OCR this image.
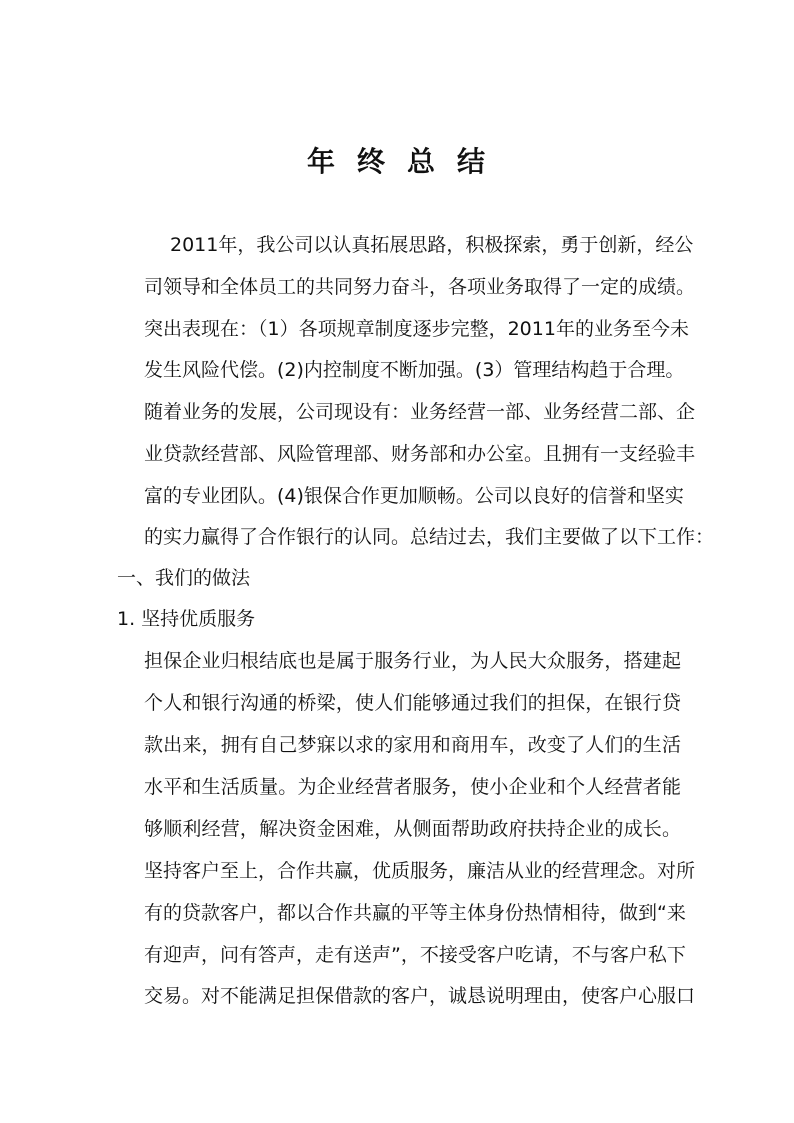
年 终 总 结
2011年，我公司以认真拓展思路，积极探索，勇于创新，经公
司领导和全体员工的共同努力奋斗，各项业务取得了一定的成绩。
突出表现在：（1）各项规章制度逐步完整，2011年的业务至今未
发生风险代偿。(2)内控制度不断加强。(3）管理结构趋于合理。
随着业务的发展，公司现设有：业务经营一部、业务经营二部、企
业贷款经营部、风险管理部、财务部和办公室。且拥有一支经验丰
富的专业团队。(4)银保合作更加顺畅。公司以良好的信誉和坚实
的实力赢得了合作银行的认同。总结过去，我们主要做了以下工作：
一、我们的做法
1. 坚持优质服务
担保企业归根结底也是属于服务行业，为人民大众服务，搭建起
个人和银行沟通的桥梁，使人们能够通过我们的担保，在银行贷
款出来，拥有自己梦寐以求的家用和商用车，改变了人们的生活
水平和生活质量。为企业经营者服务，使小企业和个人经营者能
够顺利经营，解决资金困难，从侧面帮助政府扶持企业的成长。
坚持客户至上，合作共赢，优质服务，廉洁从业的经营理念。对所
有的贷款客户，都以合作共赢的平等主体身份热情相待，做到“来
有迎声，问有答声，走有送声”，不接受客户吃请，不与客户私下
交易。对不能满足担保借款的客户，诚恳说明理由，使客户心服口
